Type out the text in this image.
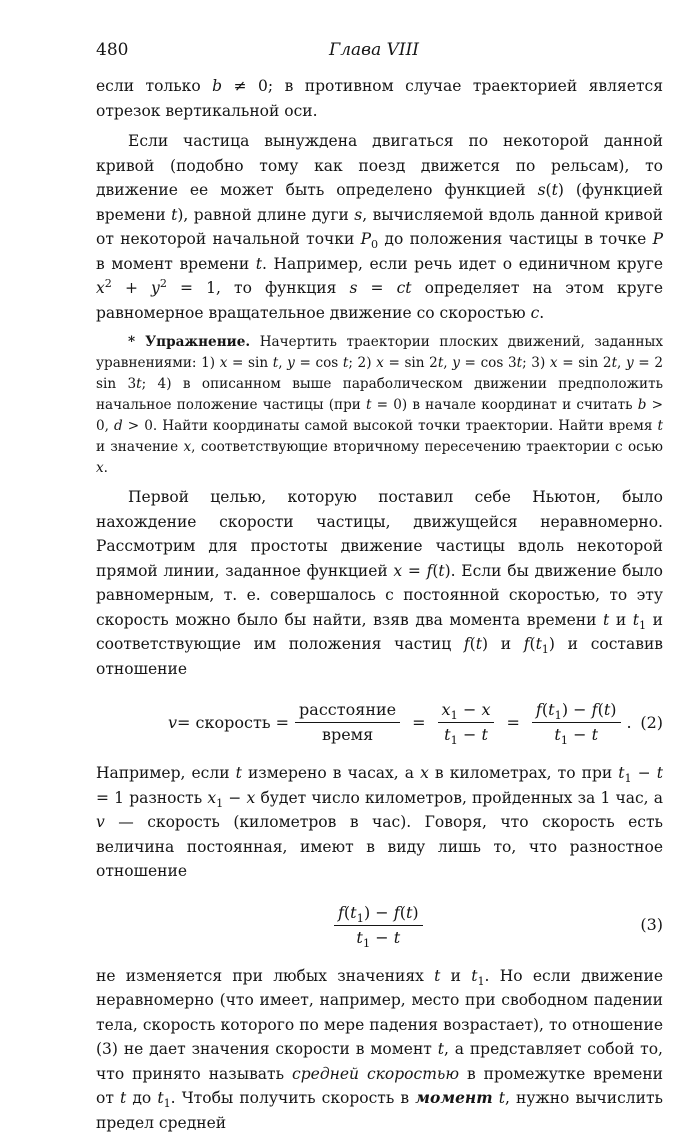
480	Глава VIII

если только b ≠ 0; в противном случае траекторией является отрезок вертикальной оси.

Если частица вынуждена двигаться по некоторой данной кривой (подобно тому как поезд движется по рельсам), то движение ее может быть определено функцией s(t) (функцией времени t), равной длине дуги s, вычисляемой вдоль данной кривой от некоторой начальной точки $P_0$ до положения частицы в точке P в момент времени t. Например, если речь идет о единичном круге $x^2 + y^2 = 1$, то функция s = ct определяет на этом круге равномерное вращательное движение со скоростью c.

* Упражнение. Начертить траектории плоских движений, заданных уравнениями: 1) x = sin t, y = cos t; 2) x = sin 2t, y = cos 3t; 3) x = sin 2t, y = 2 sin 3t; 4) в описанном выше параболическом движении предположить начальное положение частицы (при t = 0) в начале координат и считать b > 0, d > 0. Найти координаты самой высокой точки траектории. Найти время t и значение x, соответствующие вторичному пересечению траектории с осью x.

Первой целью, которую поставил себе Ньютон, было нахождение скорости частицы, движущейся неравномерно. Рассмотрим для простоты движение частицы вдоль некоторой прямой линии, заданное функцией x = f(t). Если бы движение было равномерным, т. е. совершалось с постоянной скоростью, то эту скорость можно было бы найти, взяв два момента времени t и $t_1$ и соответствующие им положения частиц f(t) и $f(t_1)$ и составив отношение

v = скорость = $\frac{\text{расстояние}}{\text{время}} = \frac{x_1 - x}{t_1 - t} = \frac{f(t_1) - f(t)}{t_1 - t}$ . (2)

Например, если t измерено в часах, а x в километрах, то при $t_1 - t = 1$ разность $x_1 - x$ будет число километров, пройденных за 1 час, а v — скорость (километров в час). Говоря, что скорость есть величина постоянная, имеют в виду лишь то, что разностное отношение

$\frac{f(t_1) - f(t)}{t_1 - t}$	(3)

не изменяется при любых значениях t и $t_1$. Но если движение неравномерно (что имеет, например, место при свободном падении тела, скорость которого по мере падения возрастает), то отношение (3) не дает значения скорости в момент t, а представляет собой то, что принято называть средней скоростью в промежутке времени от t до $t_1$. Чтобы получить скорость в момент t, нужно вычислить предел средней
